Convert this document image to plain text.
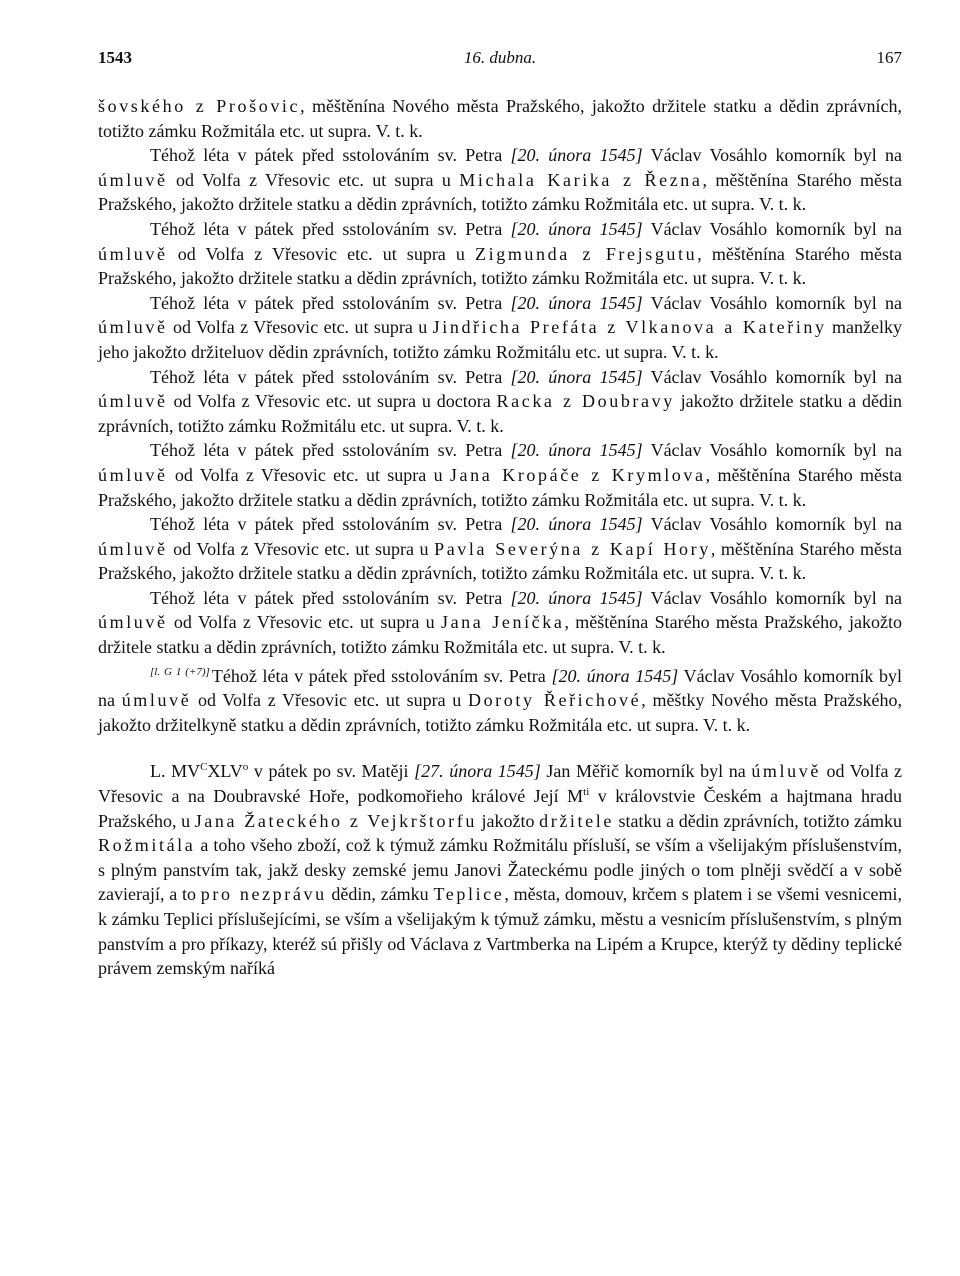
1543	16. dubna.	167

šovského z Prošovic, měštěnína Nového města Pražského, jakožto držitele statku a dědin zprávních, totižto zámku Rožmitála etc. ut supra. V. t. k.

Téhož léta v pátek před sstolováním sv. Petra [20. února 1545] Václav Vosáhlo komorník byl na úmluvě od Volfa z Vřesovic etc. ut supra u Michala Karika z Řezna, měštěnína Starého města Pražského, jakožto držitele statku a dědin zprávních, totižto zámku Rožmitála etc. ut supra. V. t. k.

Téhož léta v pátek před sstolováním sv. Petra [20. února 1545] Václav Vosáhlo komorník byl na úmluvě od Volfa z Vřesovic etc. ut supra u Zigmunda z Frejsgutu, měštěnína Starého města Pražského, jakožto držitele statku a dědin zprávních, totižto zámku Rožmitála etc. ut supra. V. t. k.

Téhož léta v pátek před sstolováním sv. Petra [20. února 1545] Václav Vosáhlo komorník byl na úmluvě od Volfa z Vřesovic etc. ut supra u Jindřicha Prefáta z Vlkanova a Kateřiny manželky jeho jakožto držiteluov dědin zprávních, totižto zámku Rožmitálu etc. ut supra. V. t. k.

Téhož léta v pátek před sstolováním sv. Petra [20. února 1545] Václav Vosáhlo komorník byl na úmluvě od Volfa z Vřesovic etc. ut supra u doctora Racka z Doubravy jakožto držitele statku a dědin zprávních, totižto zámku Rožmitálu etc. ut supra. V. t. k.

Téhož léta v pátek před sstolováním sv. Petra [20. února 1545] Václav Vosáhlo komorník byl na úmluvě od Volfa z Vřesovic etc. ut supra u Jana Kropáče z Krymlova, měštěnína Starého města Pražského, jakožto držitele statku a dědin zprávních, totižto zámku Rožmitála etc. ut supra. V. t. k.

Téhož léta v pátek před sstolováním sv. Petra [20. února 1545] Václav Vosáhlo komorník byl na úmluvě od Volfa z Vřesovic etc. ut supra u Pavla Severýna z Kapí Hory, měštěnína Starého města Pražského, jakožto držitele statku a dědin zprávních, totižto zámku Rožmitála etc. ut supra. V. t. k.

Téhož léta v pátek před sstolováním sv. Petra [20. února 1545] Václav Vosáhlo komorník byl na úmluvě od Volfa z Vřesovic etc. ut supra u Jana Jeníčka, měštěnína Starého města Pražského, jakožto držitele statku a dědin zprávních, totižto zámku Rožmitála etc. ut supra. V. t. k.

[l. G 1 (+7)] Téhož léta v pátek před sstolováním sv. Petra [20. února 1545] Václav Vosáhlo komorník byl na úmluvě od Volfa z Vřesovic etc. ut supra u Doroty Řeřichové, měštky Nového města Pražského, jakožto držitelkyně statku a dědin zprávních, totižto zámku Rožmitála etc. ut supra. V. t. k.

L. $MV^CXLV^o$ v pátek po sv. Matěji [27. února 1545] Jan Měřič komorník byl na úmluvě od Volfa z Vřesovic a na Doubravské Hoře, podkomořieho králové Její $M^{ti}$ v královstvie Českém a hajtmana hradu Pražského, u Jana Žateckého z Vejkrštorfu jakožto držitele statku a dědin zprávních, totižto zámku Rožmitála a toho všeho zboží, což k týmuž zámku Rožmitálu přísluší, se vším a všelijakým příslušenstvím, s plným panstvím tak, jakž desky zemské jemu Janovi Žateckému podle jiných o tom plněji svědčí a v sobě zavierají, a to pro nezprávu dědin, zámku Teplice, města, domouv, krčem s platem i se všemi vesnicemi, k zámku Teplici příslušejícími, se vším a všelijakým k týmuž zámku, městu a vesnicím příslušenstvím, s plným panstvím a pro příkazy, kteréž sú přišly od Václava z Vartmberka na Lipém a Krupce, kterýž ty dědiny teplické právem zemským naříká
